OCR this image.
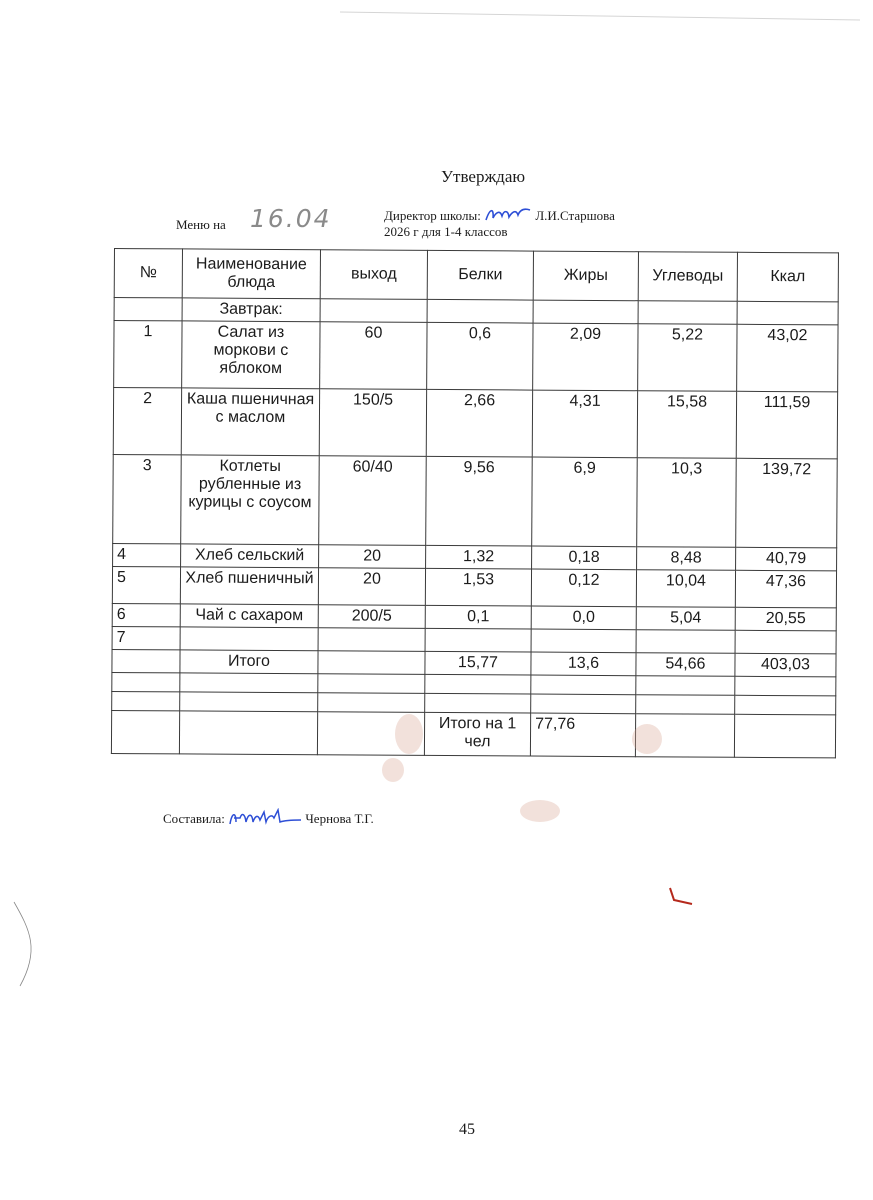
Утверждаю
Меню на 16.04	Директор школы:	Л.И.Старшова
2026 г для 1-4 классов
№	Наименование блюда	выход	Белки	Жиры	Углеводы	Ккал
	Завтрак:					
1	Салат из моркови с яблоком	60	0,6	2,09	5,22	43,02
2	Каша пшеничная с маслом	150/5	2,66	4,31	15,58	111,59
3	Котлеты рубленные из курицы с соусом	60/40	9,56	6,9	10,3	139,72
4	Хлеб сельский	20	1,32	0,18	8,48	40,79
5	Хлеб пшеничный	20	1,53	0,12	10,04	47,36
6	Чай с сахаром	200/5	0,1	0,0	5,04	20,55
7						
	Итого		15,77	13,6	54,66	403,03

			Итого на 1 чел	77,76		
Составила:	Чернова Т.Г.
45
